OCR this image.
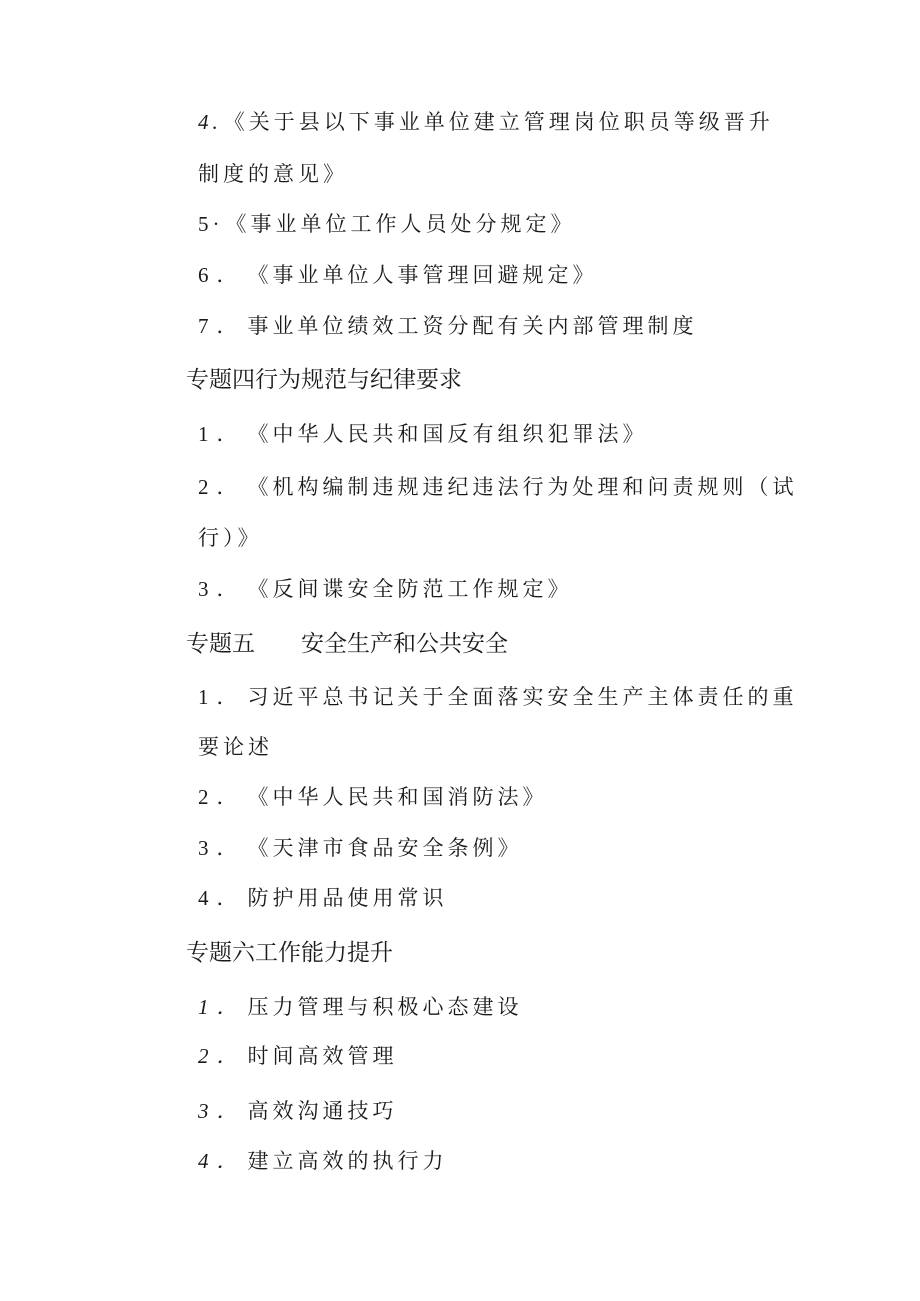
4.《关于县以下事业单位建立管理岗位职员等级晋升
制度的意见》
5·《事业单位工作人员处分规定》
6．《事业单位人事管理回避规定》
7．事业单位绩效工资分配有关内部管理制度
专题四行为规范与纪律要求
1．《中华人民共和国反有组织犯罪法》
2．《机构编制违规违纪违法行为处理和问责规则（试
行）》
3．《反间谍安全防范工作规定》
专题五 安全生产和公共安全
1．习近平总书记关于全面落实安全生产主体责任的重
要论述
2．《中华人民共和国消防法》
3．《天津市食品安全条例》
4．防护用品使用常识
专题六工作能力提升
1．压力管理与积极心态建设
2．时间高效管理
3．高效沟通技巧
4．建立高效的执行力
